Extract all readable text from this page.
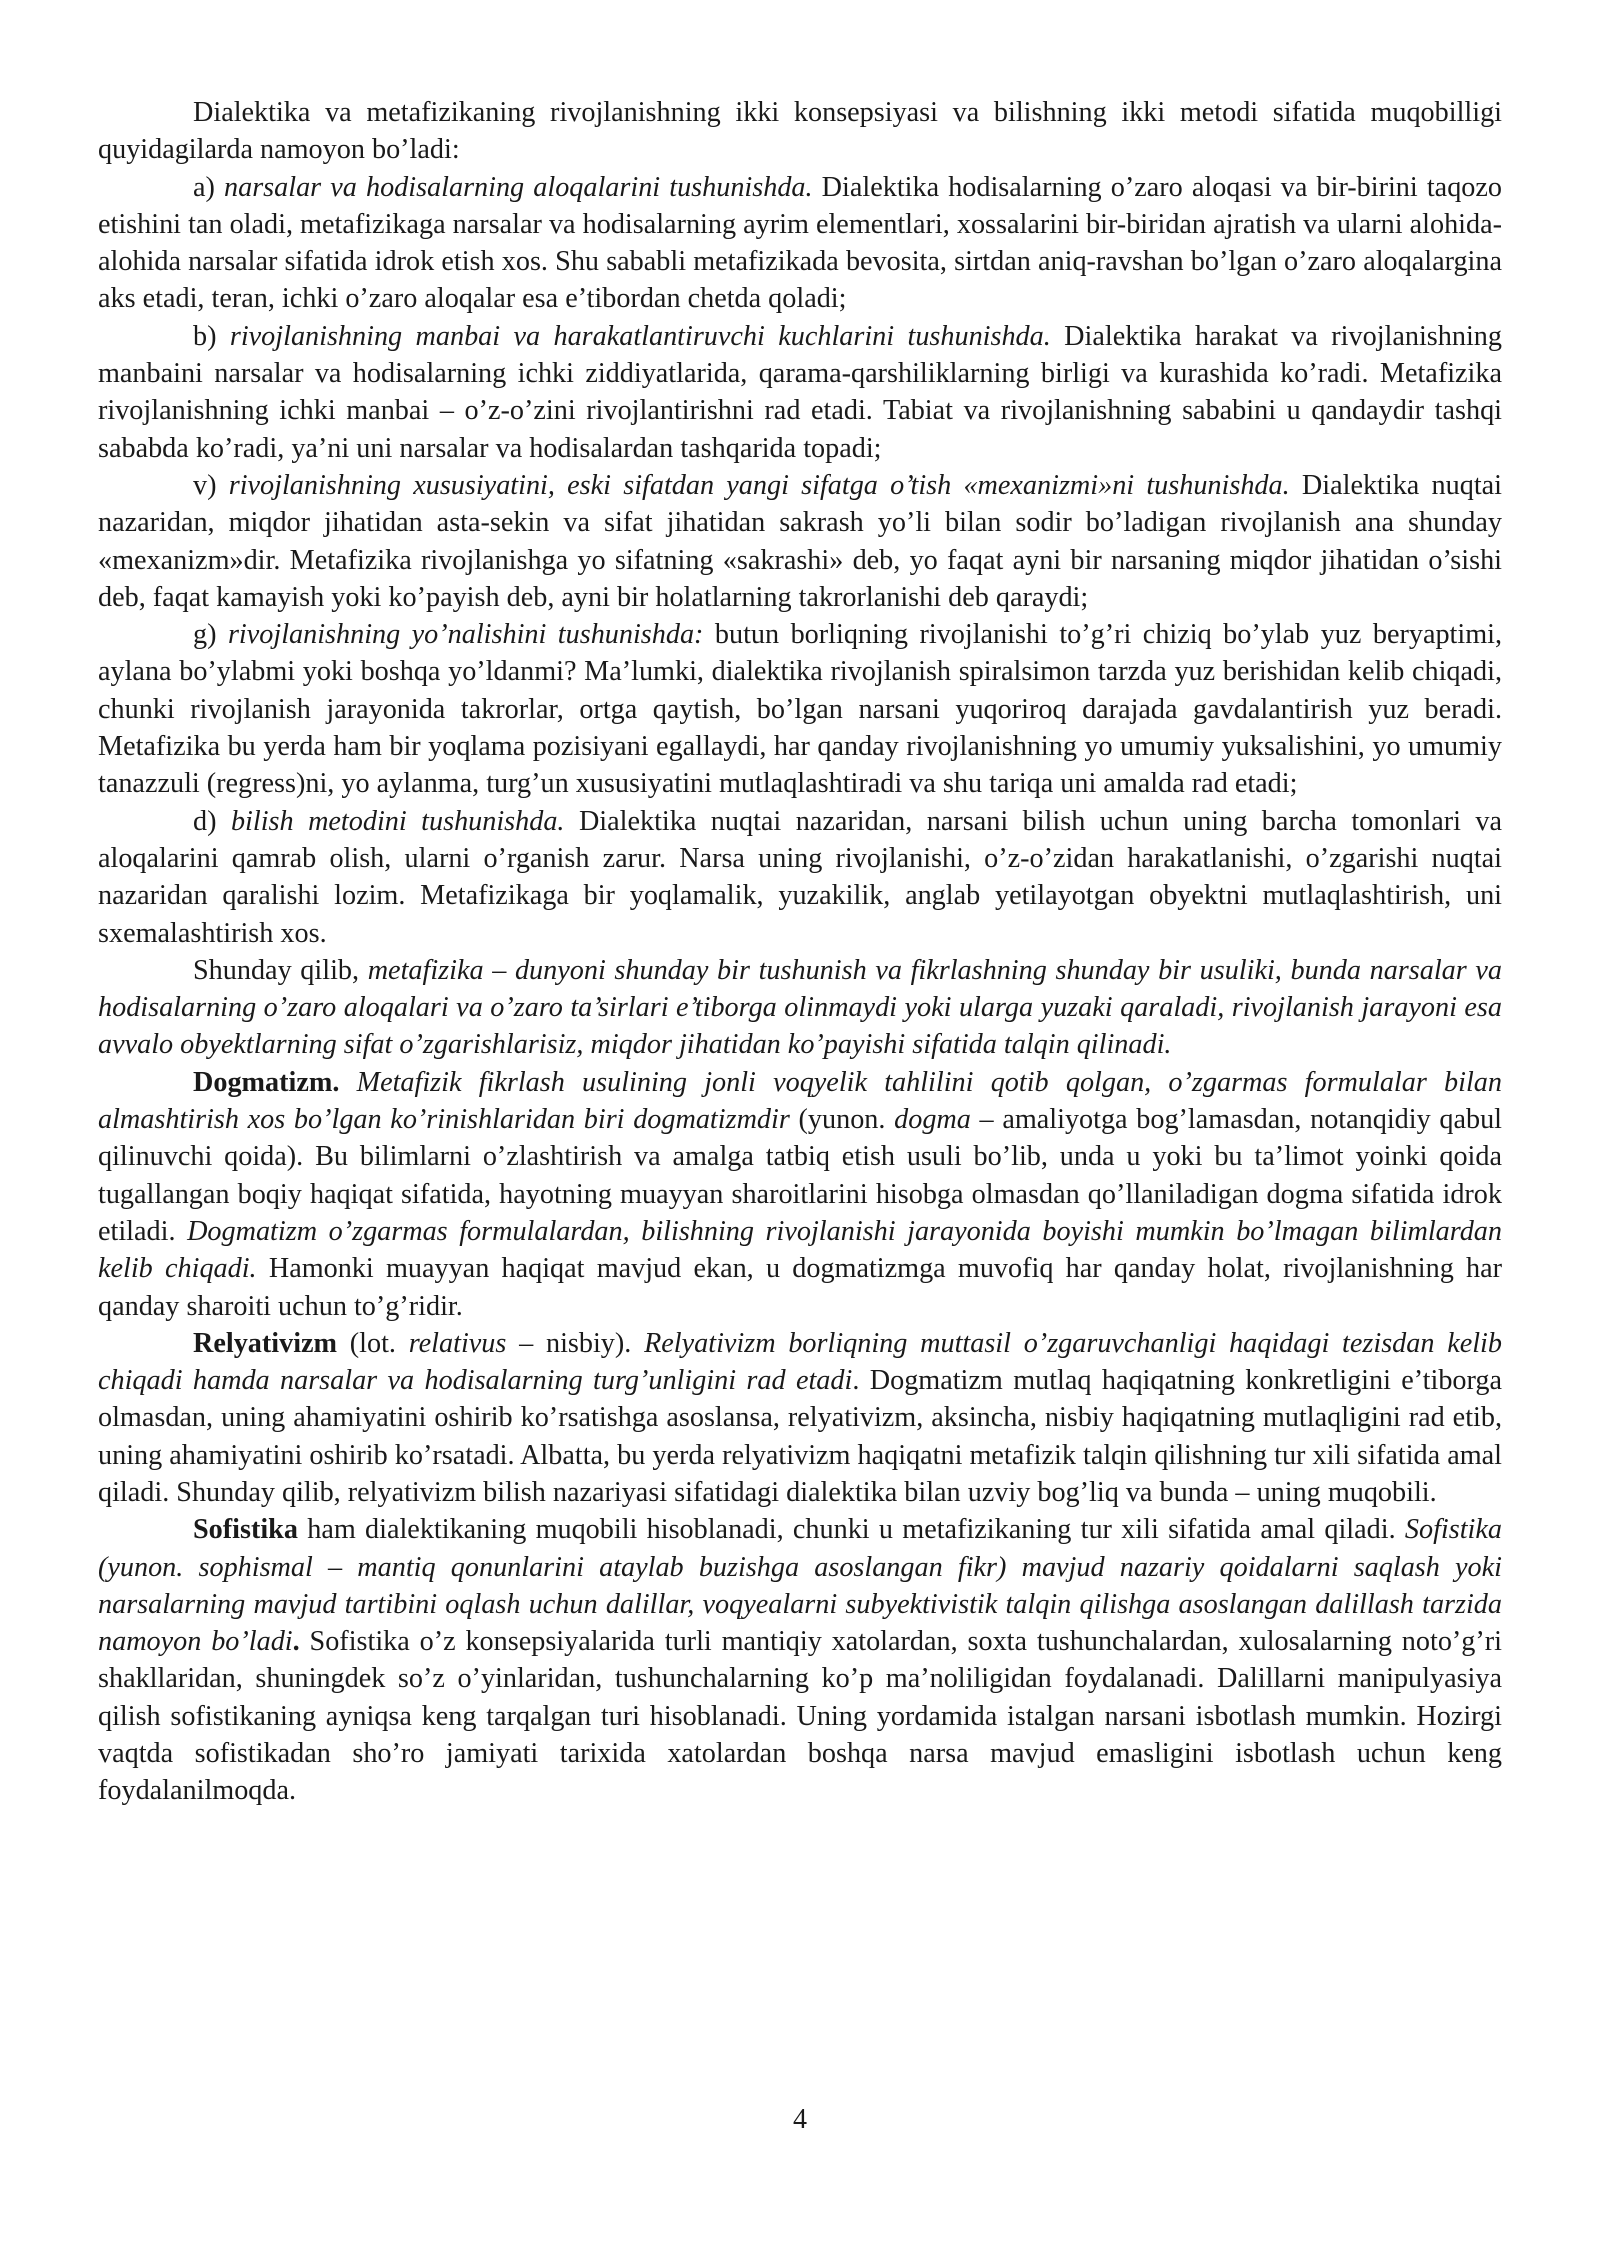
Dialektika va metafizikaning rivojlanishning ikki konsepsiyasi va bilishning ikki metodi sifatida muqobilligi quyidagilarda namoyon bo’ladi:

a) narsalar va hodisalarning aloqalarini tushunishda. Dialektika hodisalarning o’zaro aloqasi va bir-birini taqozo etishini tan oladi, metafizikaga narsalar va hodisalarning ayrim elementlari, xossalarini bir-biridan ajratish va ularni alohida-alohida narsalar sifatida idrok etish xos. Shu sababli metafizikada bevosita, sirtdan aniq-ravshan bo’lgan o’zaro aloqalargina aks etadi, teran, ichki o’zaro aloqalar esa e’tibordan chetda qoladi;

b) rivojlanishning manbai va harakatlantiruvchi kuchlarini tushunishda. Dialektika harakat va rivojlanishning manbaini narsalar va hodisalarning ichki ziddiyatlarida, qarama-qarshiliklarning birligi va kurashida ko’radi. Metafizika rivojlanishning ichki manbai – o’z-o’zini rivojlantirishni rad etadi. Tabiat va rivojlanishning sababini u qandaydir tashqi sababda ko’radi, ya’ni uni narsalar va hodisalardan tashqarida topadi;

v) rivojlanishning xususiyatini, eski sifatdan yangi sifatga o’tish «mexanizmi»ni tushunishda. Dialektika nuqtai nazaridan, miqdor jihatidan asta-sekin va sifat jihatidan sakrash yo’li bilan sodir bo’ladigan rivojlanish ana shunday «mexanizm»dir. Metafizika rivojlanishga yo sifatning «sakrashi» deb, yo faqat ayni bir narsaning miqdor jihatidan o’sishi deb, faqat kamayish yoki ko’payish deb, ayni bir holatlarning takrorlanishi deb qaraydi;

g) rivojlanishning yo’nalishini tushunishda: butun borliqning rivojlanishi to’g’ri chiziq bo’ylab yuz beryaptimi, aylana bo’ylabmi yoki boshqa yo’ldanmi? Ma’lumki, dialektika rivojlanish spiralsimon tarzda yuz berishidan kelib chiqadi, chunki rivojlanish jarayonida takrorlar, ortga qaytish, bo’lgan narsani yuqoriroq darajada gavdalantirish yuz beradi. Metafizika bu yerda ham bir yoqlama pozisiyani egallaydi, har qanday rivojlanishning yo umumiy yuksalishini, yo umumiy tanazzuli (regress)ni, yo aylanma, turg’un xususiyatini mutlaqlashtiradi va shu tariqa uni amalda rad etadi;

d) bilish metodini tushunishda. Dialektika nuqtai nazaridan, narsani bilish uchun uning barcha tomonlari va aloqalarini qamrab olish, ularni o’rganish zarur. Narsa uning rivojlanishi, o’z-o’zidan harakatlanishi, o’zgarishi nuqtai nazaridan qaralishi lozim. Metafizikaga bir yoqlamalik, yuzakilik, anglab yetilayotgan obyektni mutlaqlashtirish, uni sxemalashtirish xos.

Shunday qilib, metafizika – dunyoni shunday bir tushunish va fikrlashning shunday bir usuliki, bunda narsalar va hodisalarning o’zaro aloqalari va o’zaro ta’sirlari e’tiborga olinmaydi yoki ularga yuzaki qaraladi, rivojlanish jarayoni esa avvalo obyektlarning sifat o’zgarishlarisiz, miqdor jihatidan ko’payishi sifatida talqin qilinadi.

Dogmatizm. Metafizik fikrlash usulining jonli voqyelik tahlilini qotib qolgan, o’zgarmas formulalar bilan almashtirish xos bo’lgan ko’rinishlaridan biri dogmatizmdir (yunon. dogma – amaliyotga bog’lamasdan, notanqidiy qabul qilinuvchi qoida). Bu bilimlarni o’zlashtirish va amalga tatbiq etish usuli bo’lib, unda u yoki bu ta’limot yoinki qoida tugallangan boqiy haqiqat sifatida, hayotning muayyan sharoitlarini hisobga olmasdan qo’llaniladigan dogma sifatida idrok etiladi. Dogmatizm o’zgarmas formulalardan, bilishning rivojlanishi jarayonida boyishi mumkin bo’lmagan bilimlardan kelib chiqadi. Hamonki muayyan haqiqat mavjud ekan, u dogmatizmga muvofiq har qanday holat, rivojlanishning har qanday sharoiti uchun to’g’ridir.

Relyativizm (lot. relativus – nisbiy). Relyativizm borliqning muttasil o’zgaruvchanligi haqidagi tezisdan kelib chiqadi hamda narsalar va hodisalarning turg’unligini rad etadi. Dogmatizm mutlaq haqiqatning konkretligini e’tiborga olmasdan, uning ahamiyatini oshirib ko’rsatishga asoslansa, relyativizm, aksincha, nisbiy haqiqatning mutlaqligini rad etib, uning ahamiyatini oshirib ko’rsatadi. Albatta, bu yerda relyativizm haqiqatni metafizik talqin qilishning tur xili sifatida amal qiladi. Shunday qilib, relyativizm bilish nazariyasi sifatidagi dialektika bilan uzviy bog’liq va bunda – uning muqobili.

Sofistika ham dialektikaning muqobili hisoblanadi, chunki u metafizikaning tur xili sifatida amal qiladi. Sofistika (yunon. sophismal – mantiq qonunlarini ataylab buzishga asoslangan fikr) mavjud nazariy qoidalarni saqlash yoki narsalarning mavjud tartibini oqlash uchun dalillar, voqyealarni subyektivistik talqin qilishga asoslangan dalillash tarzida namoyon bo’ladi. Sofistika o’z konsepsiyalarida turli mantiqiy xatolardan, soxta tushunchalardan, xulosalarning noto’g’ri shakllaridan, shuningdek so’z o’yinlaridan, tushunchalarning ko’p ma’noliligidan foydalanadi. Dalillarni manipulyasiya qilish sofistikaning ayniqsa keng tarqalgan turi hisoblanadi. Uning yordamida istalgan narsani isbotlash mumkin. Hozirgi vaqtda sofistikadan sho’ro jamiyati tarixida xatolardan boshqa narsa mavjud emasligini isbotlash uchun keng foydalanilmoqda.

4
